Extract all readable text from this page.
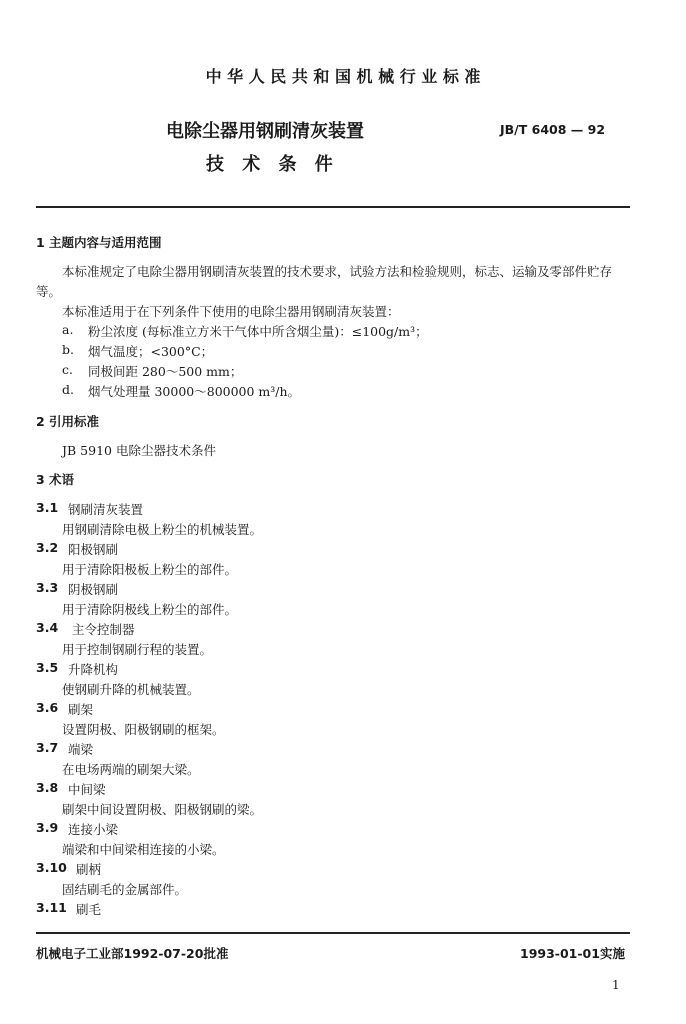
中 华 人 民 共 和 国 机 械 行 业 标 准
电除尘器用钢刷清灰装置
技 术 条 件
JB/T 6408 — 92
1 主题内容与适用范围
本标准规定了电除尘器用钢刷清灰装置的技术要求，试验方法和检验规则，标志、运输及零部件贮存
等。
本标准适用于在下列条件下使用的电除尘器用钢刷清灰装置：
a. 粉尘浓度 (每标准立方米干气体中所含烟尘量)：≤100g/m³；
b. 烟气温度；<300°C；
c. 同极间距 280～500 mm；
d. 烟气处理量 30000～800000 m³/h。
2 引用标准
JB 5910 电除尘器技术条件
3 术语
3.1 钢刷清灰装置
用钢刷清除电极上粉尘的机械装置。
3.2 阳极钢刷
用于清除阳极板上粉尘的部件。
3.3 阴极钢刷
用于清除阴极线上粉尘的部件。
3.4 主令控制器
用于控制钢刷行程的装置。
3.5 升降机构
使钢刷升降的机械装置。
3.6 刷架
设置阴极、阳极钢刷的框架。
3.7 端梁
在电场两端的刷架大梁。
3.8 中间梁
刷架中间设置阴极、阳极钢刷的梁。
3.9 连接小梁
端梁和中间梁相连接的小梁。
3.10 刷柄
固结刷毛的金属部件。
3.11 刷毛
机械电子工业部1992-07-20批准	1993-01-01实施
1
